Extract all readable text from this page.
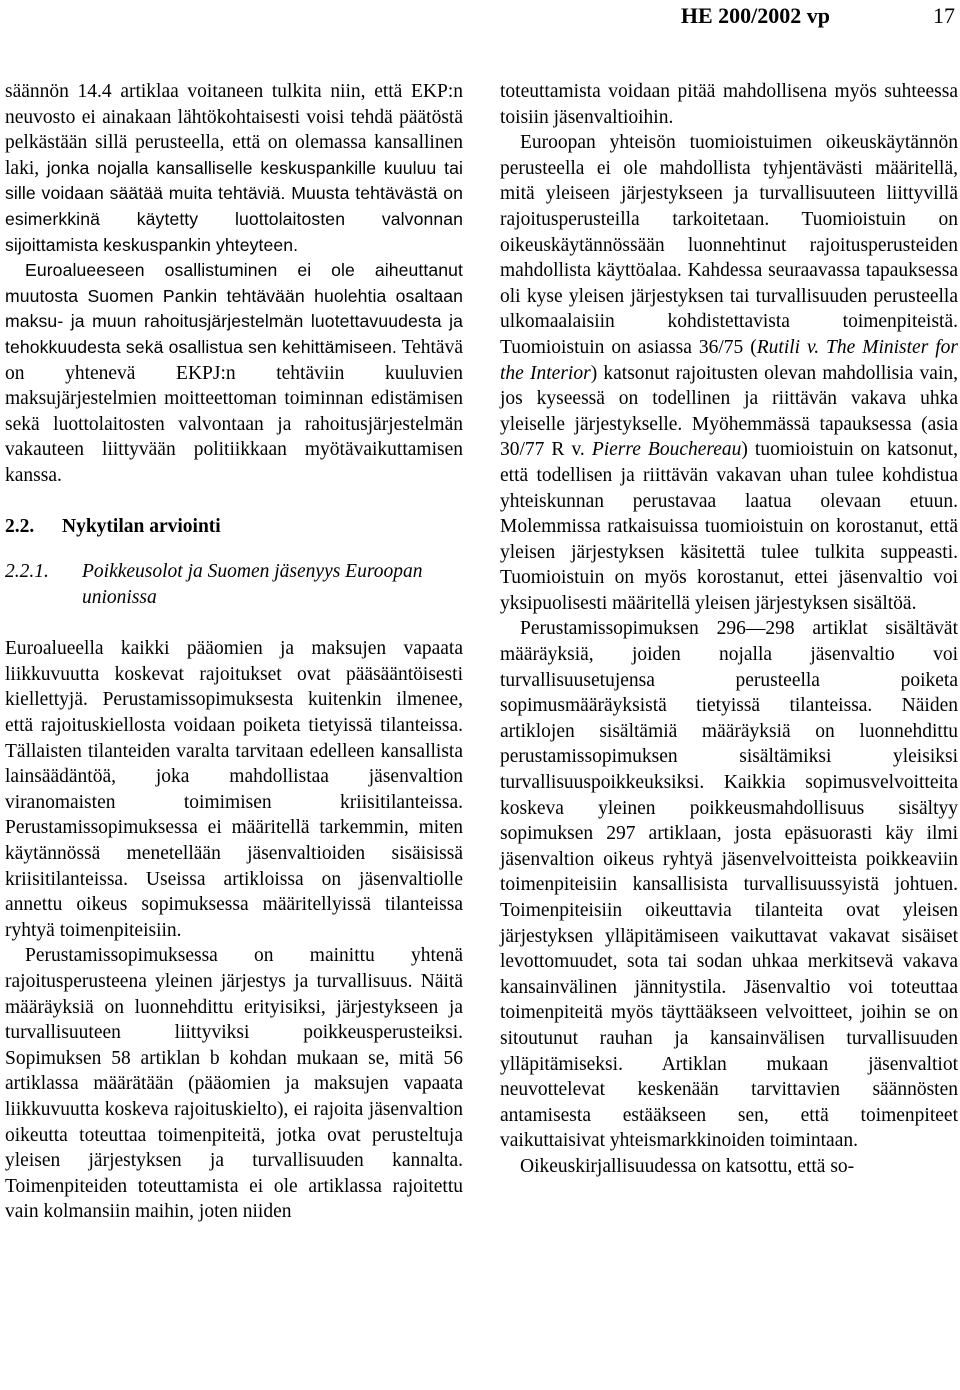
HE 200/2002 vp	17

säännön 14.4 artiklaa voitaneen tulkita niin, että EKP:n neuvosto ei ainakaan lähtökohtaisesti voisi tehdä päätöstä pelkästään sillä perusteella, että on olemassa kansallinen laki, jonka nojalla kansalliselle keskuspankille kuuluu tai sille voidaan säätää muita tehtäviä. Muusta tehtävästä on esimerkkinä käytetty luottolaitosten valvonnan sijoittamista keskuspankin yhteyteen.

Euroalueeseen osallistuminen ei ole aiheuttanut muutosta Suomen Pankin tehtävään huolehtia osaltaan maksu- ja muun rahoitusjärjestelmän luotettavuudesta ja tehokkuudesta sekä osallistua sen kehittämiseen. Tehtävä on yhtenevä EKPJ:n tehtäviin kuuluvien maksujärjestelmien moitteettoman toiminnan edistämisen sekä luottolaitosten valvontaan ja rahoitusjärjestelmän vakauteen liittyvään politiikkaan myötävaikuttamisen kanssa.

2.2. Nykytilan arviointi
2.2.1.	Poikkeusolot ja Suomen jäsenyys Euroopan unionissa

Euroalueella kaikki pääomien ja maksujen vapaata liikkuvuutta koskevat rajoitukset ovat pääsääntöisesti kiellettyjä. Perustamissopimuksesta kuitenkin ilmenee, että rajoituskiellosta voidaan poiketa tietyissä tilanteissa. Tällaisten tilanteiden varalta tarvitaan edelleen kansallista lainsäädäntöä, joka mahdollistaa jäsenvaltion viranomaisten toimimisen kriisitilanteissa. Perustamissopimuksessa ei määritellä tarkemmin, miten käytännössä menetellään jäsenvaltioiden sisäisissä kriisitilanteissa. Useissa artikloissa on jäsenvaltiolle annettu oikeus sopimuksessa määritellyissä tilanteissa ryhtyä toimenpiteisiin.

Perustamissopimuksessa on mainittu yhtenä rajoitusperusteena yleinen järjestys ja turvallisuus. Näitä määräyksiä on luonnehdittu erityisiksi, järjestykseen ja turvallisuuteen liittyviksi poikkeusperusteiksi. Sopimuksen 58 artiklan b kohdan mukaan se, mitä 56 artiklassa määrätään (pääomien ja maksujen vapaata liikkuvuutta koskeva rajoituskielto), ei rajoita jäsenvaltion oikeutta toteuttaa toimenpiteitä, jotka ovat perusteltuja yleisen järjestyksen ja turvallisuuden kannalta. Toimenpiteiden toteuttamista ei ole artiklassa rajoitettu vain kolmansiin maihin, joten niiden

toteuttamista voidaan pitää mahdollisena myös suhteessa toisiin jäsenvaltioihin.

Euroopan yhteisön tuomioistuimen oikeuskäytännön perusteella ei ole mahdollista tyhjentävästi määritellä, mitä yleiseen järjestykseen ja turvallisuuteen liittyvillä rajoitusperusteilla tarkoitetaan. Tuomioistuin on oikeuskäytännössään luonnehtinut rajoitusperusteiden mahdollista käyttöalaa. Kahdessa seuraavassa tapauksessa oli kyse yleisen järjestyksen tai turvallisuuden perusteella ulkomaalaisiin kohdistettavista toimenpiteistä. Tuomioistuin on asiassa 36/75 (Rutili v. The Minister for the Interior) katsonut rajoitusten olevan mahdollisia vain, jos kyseessä on todellinen ja riittävän vakava uhka yleiselle järjestykselle. Myöhemmässä tapauksessa (asia 30/77 R v. Pierre Bouchereau) tuomioistuin on katsonut, että todellisen ja riittävän vakavan uhan tulee kohdistua yhteiskunnan perustavaa laatua olevaan etuun. Molemmissa ratkaisuissa tuomioistuin on korostanut, että yleisen järjestyksen käsitettä tulee tulkita suppeasti. Tuomioistuin on myös korostanut, ettei jäsenvaltio voi yksipuolisesti määritellä yleisen järjestyksen sisältöä.

Perustamissopimuksen 296—298 artiklat sisältävät määräyksiä, joiden nojalla jäsenvaltio voi turvallisuusetujensa perusteella poiketa sopimusmääräyksistä tietyissä tilanteissa. Näiden artiklojen sisältämiä määräyksiä on luonnehdittu perustamissopimuksen sisältämiksi yleisiksi turvallisuuspoikkeuksiksi. Kaikkia sopimusvelvoitteita koskeva yleinen poikkeusmahdollisuus sisältyy sopimuksen 297 artiklaan, josta epäsuorasti käy ilmi jäsenvaltion oikeus ryhtyä jäsenvelvoitteista poikkeaviin toimenpiteisiin kansallisista turvallisuussyistä johtuen. Toimenpiteisiin oikeuttavia tilanteita ovat yleisen järjestyksen ylläpitämiseen vaikuttavat vakavat sisäiset levottomuudet, sota tai sodan uhkaa merkitsevä vakava kansainvälinen jännitystila. Jäsenvaltio voi toteuttaa toimenpiteitä myös täyttääkseen velvoitteet, joihin se on sitoutunut rauhan ja kansainvälisen turvallisuuden ylläpitämiseksi. Artiklan mukaan jäsenvaltiot neuvottelevat keskenään tarvittavien säännösten antamisesta estääkseen sen, että toimenpiteet vaikuttaisivat yhteismarkkinoiden toimintaan.

Oikeuskirjallisuudessa on katsottu, että so-
